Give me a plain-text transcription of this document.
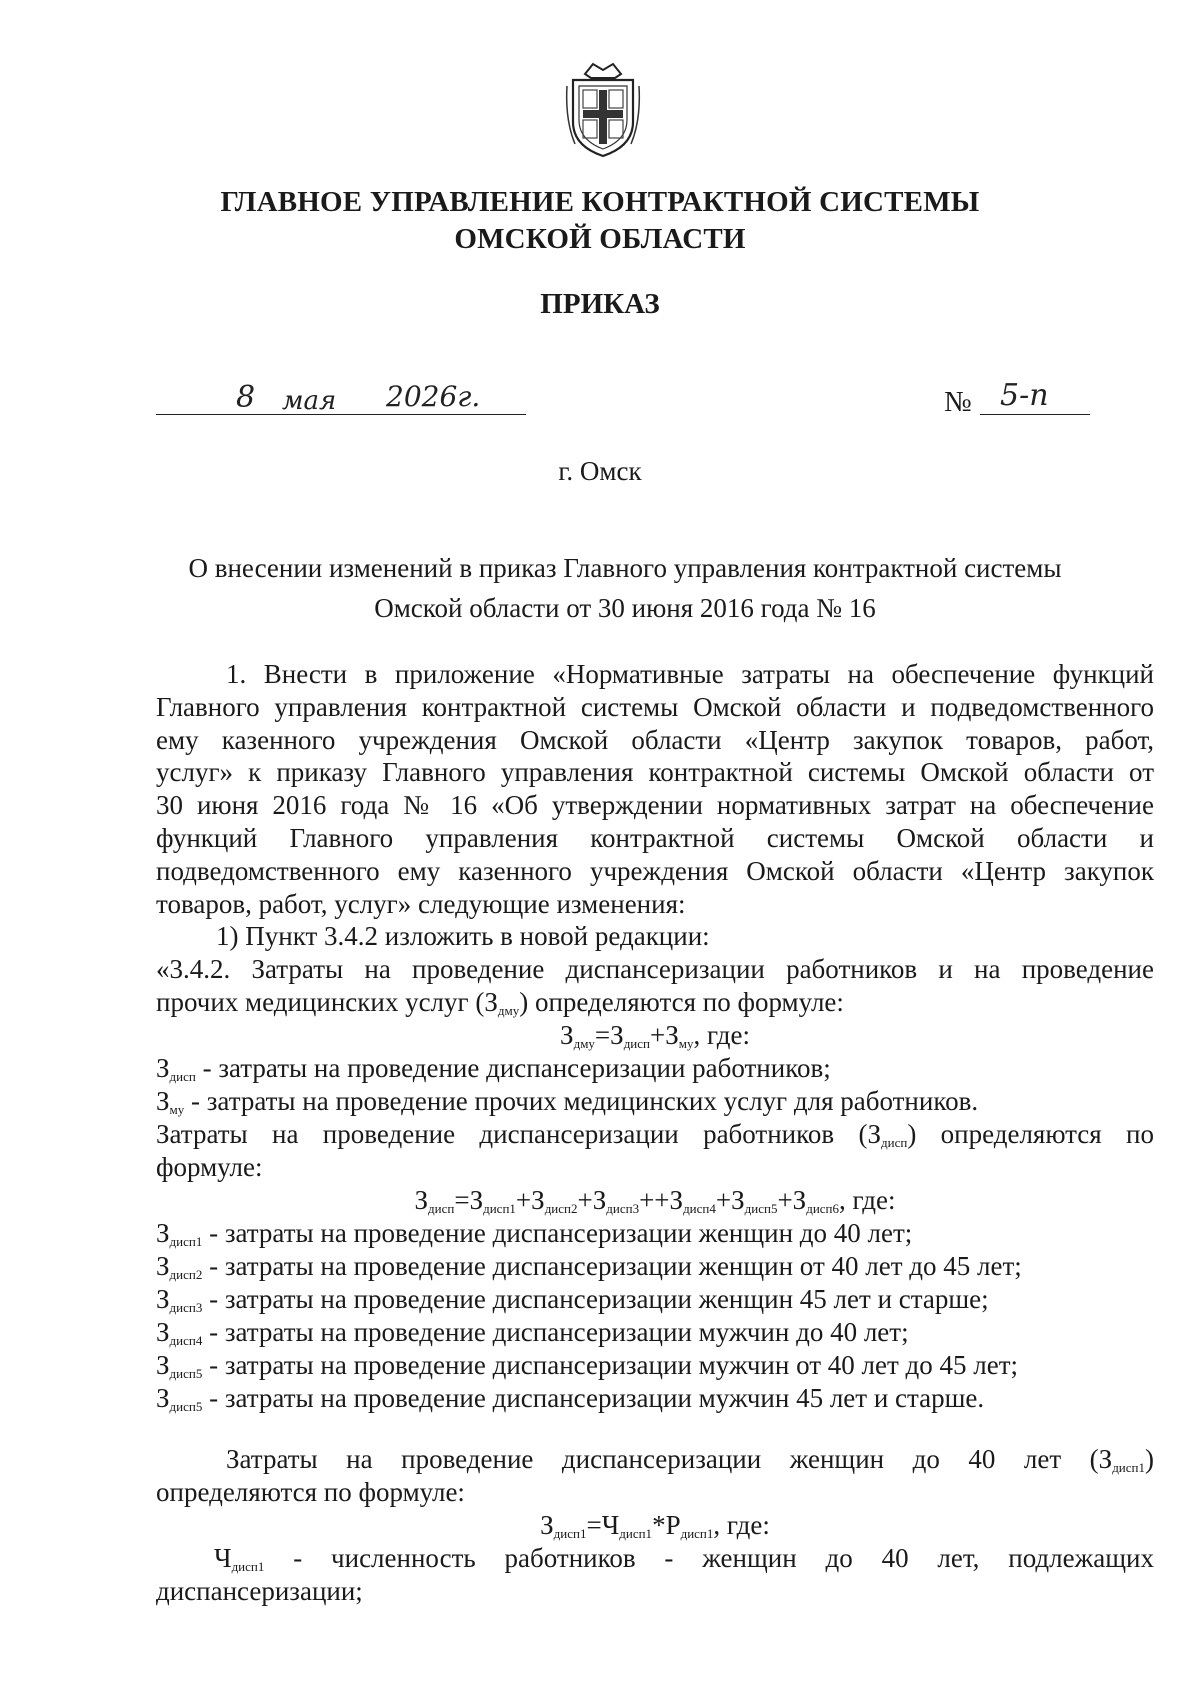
ГЛАВНОЕ УПРАВЛЕНИЕ КОНТРАКТНОЙ СИСТЕМЫ
ОМСКОЙ ОБЛАСТИ
ПРИКАЗ
8 мая 2026г.	№ 5-п
г. Омск
О внесении изменений в приказ Главного управления контрактной системы
Омской области от 30 июня 2016 года № 16
1. Внести в приложение «Нормативные затраты на обеспечение функций
Главного управления контрактной системы Омской области и подведомственного
ему казенного учреждения Омской области «Центр закупок товаров, работ,
услуг» к приказу Главного управления контрактной системы Омской области от
30 июня 2016 года № 16 «Об утверждении нормативных затрат на обеспечение
функций Главного управления контрактной системы Омской области и
подведомственного ему казенного учреждения Омской области «Центр закупок
товаров, работ, услуг» следующие изменения:
1) Пункт 3.4.2 изложить в новой редакции:
«3.4.2. Затраты на проведение диспансеризации работников и на проведение
прочих медицинских услуг $(З_{дму})$ определяются по формуле:
$З_{дму}=З_{дисп}+З_{му}$, где:
$З_{дисп}$ - затраты на проведение диспансеризации работников;
$З_{му}$ - затраты на проведение прочих медицинских услуг для работников.
Затраты на проведение диспансеризации работников $(З_{дисп})$ определяются по
формуле:
$З_{дисп}=З_{дисп1}+З_{дисп2}+З_{дисп3}++З_{дисп4}+З_{дисп5}+З_{дисп6}$, где:
$З_{дисп1}$ - затраты на проведение диспансеризации женщин до 40 лет;
$З_{дисп2}$ - затраты на проведение диспансеризации женщин от 40 лет до 45 лет;
$З_{дисп3}$ - затраты на проведение диспансеризации женщин 45 лет и старше;
$З_{дисп4}$ - затраты на проведение диспансеризации мужчин до 40 лет;
$З_{дисп5}$ - затраты на проведение диспансеризации мужчин от 40 лет до 45 лет;
$З_{дисп5}$ - затраты на проведение диспансеризации мужчин 45 лет и старше.
Затраты на проведение диспансеризации женщин до 40 лет $(З_{дисп1})$
определяются по формуле:
$З_{дисп1}=Ч_{дисп1}*Р_{дисп1}$, где:
$Ч_{дисп1}$ - численность работников - женщин до 40 лет, подлежащих
диспансеризации;
